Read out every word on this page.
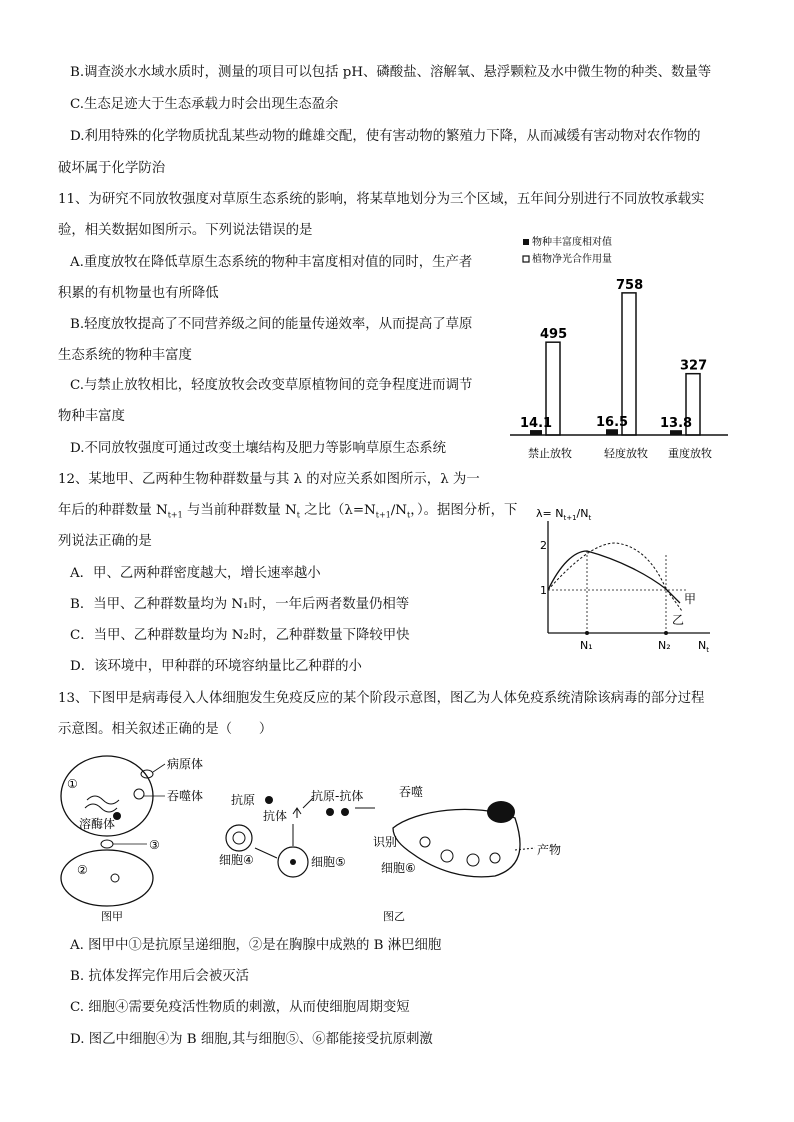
B.调查淡水水域水质时，测量的项目可以包括 pH、磷酸盐、溶解氧、悬浮颗粒及水中微生物的种类、数量等
C.生态足迹大于生态承载力时会出现生态盈余
D.利用特殊的化学物质扰乱某些动物的雌雄交配，使有害动物的繁殖力下降，从而减缓有害动物对农作物的
破坏属于化学防治
11、为研究不同放牧强度对草原生态系统的影响，将某草地划分为三个区域，五年间分别进行不同放牧承载实
验，相关数据如图所示。下列说法错误的是
A.重度放牧在降低草原生态系统的物种丰富度相对值的同时，生产者
积累的有机物量也有所降低
B.轻度放牧提高了不同营养级之间的能量传递效率，从而提高了草原
生态系统的物种丰富度
C.与禁止放牧相比，轻度放牧会改变草原植物间的竞争程度进而调节
物种丰富度
D.不同放牧强度可通过改变土壤结构及肥力等影响草原生态系统
物种丰富度相对值
植物净光合作用量
14.1
495
禁止放牧
16.5
758
轻度放牧
13.8
327
重度放牧
12、某地甲、乙两种生物种群数量与其 λ 的对应关系如图所示，λ 为一
年后的种群数量 $N_{t+1}$ 与当前种群数量 $N_t$ 之比（$\lambda=N_{t+1}/N_t$，）。据图分析，下
列说法正确的是
A．甲、乙两种群密度越大，增长速率越小
B．当甲、乙种群数量均为 N₁时，一年后两者数量仍相等
C．当甲、乙种群数量均为 N₂时，乙种群数量下降较甲快
D．该环境中，甲种群的环境容纳量比乙种群的小
$\lambda= N_{t+1}/N_t$
2
1
甲
乙
N₁	N₂ $N_t$
13、下图甲是病毒侵入人体细胞发生免疫反应的某个阶段示意图，图乙为人体免疫系统清除该病毒的部分过程
示意图。相关叙述正确的是（　　）
①
病原体
吞噬体
溶酶体
③
②
图甲
抗原
抗体
抗原-抗体	吞噬
识别
细胞⑥
产物
细胞④	细胞⑤
图乙
A. 图甲中①是抗原呈递细胞，②是在胸腺中成熟的 B 淋巴细胞
B. 抗体发挥完作用后会被灭活
C. 细胞④需要免疫活性物质的刺激，从而使细胞周期变短
D. 图乙中细胞④为 B 细胞,其与细胞⑤、⑥都能接受抗原刺激
